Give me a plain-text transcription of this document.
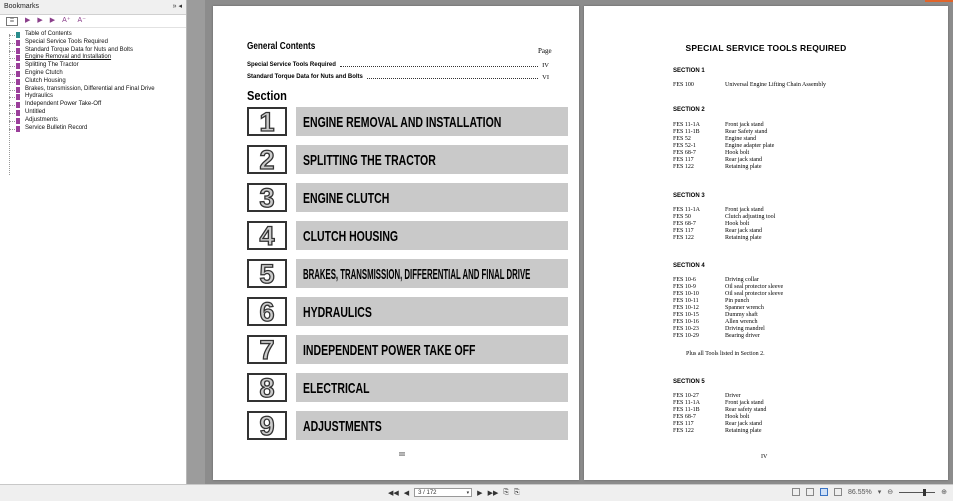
Bookmarks	» ◂
☰	▶ ▶ ▶ A⁺ A⁻
Table of Contents
Special Service Tools Required
Standard Torque Data for Nuts and Bolts
Engine Removal and Installation
Splitting The Tractor
Engine Ctutch
Clutch Housing
Brakes, transmission, Differential and Final Drive
Hydraulics
Independent Power Take-Off
Untitled
Adjustments
Service Bulletin Record
General Contents	Page
Special Service Tools Required	IV
Standard Torque Data for Nuts and Bolts	VI
Section
1	ENGINE REMOVAL AND INSTALLATION
2	SPLITTING THE TRACTOR
3	ENGINE CLUTCH
4	CLUTCH HOUSING
5	BRAKES, TRANSMISSION, DIFFERENTIAL AND FINAL DRIVE
6	HYDRAULICS
7	INDEPENDENT POWER TAKE OFF
8	ELECTRICAL
9	ADJUSTMENTS
III
SPECIAL SERVICE TOOLS REQUIRED
SECTION 1
FES 100	Universal Engine Lifting Chain Assembly
SECTION 2
FES 11-1A	Front jack stand
FES 11-1B	Rear Safety stand
FES 52	Engine stand
FES 52-1	Engine adapter plate
FES 68-7	Hook bolt
FES 117	Rear jack stand
FES 122	Retaining plate
SECTION 3
FES 11-1A	Front jack stand
FES 50	Clutch adjusting tool
FES 68-7	Hook bolt
FES 117	Rear jack stand
FES 122	Retaining plate
SECTION 4
FES 10-6	Driving collar
FES 10-9	Oil seal protector sleeve
FES 10-10	Oil seal protector sleeve
FES 10-11	Pin punch
FES 10-12	Spanner wrench
FES 10-15	Dummy shaft
FES 10-16	Allen wrench
FES 10-23	Driving mandrel
FES 10-29	Bearing driver
Plus all Tools listed in Section 2.
SECTION 5
FES 10-27	Driver
FES 11-1A	Front jack stand
FES 11-1B	Rear safety stand
FES 68-7	Hook bolt
FES 117	Rear jack stand
FES 122	Retaining plate
IV
◀◀ ◀	3 / 172 ▾	▶ ▶▶ ⎘ ⎘	86.55% ▾ ⊖	⊕
